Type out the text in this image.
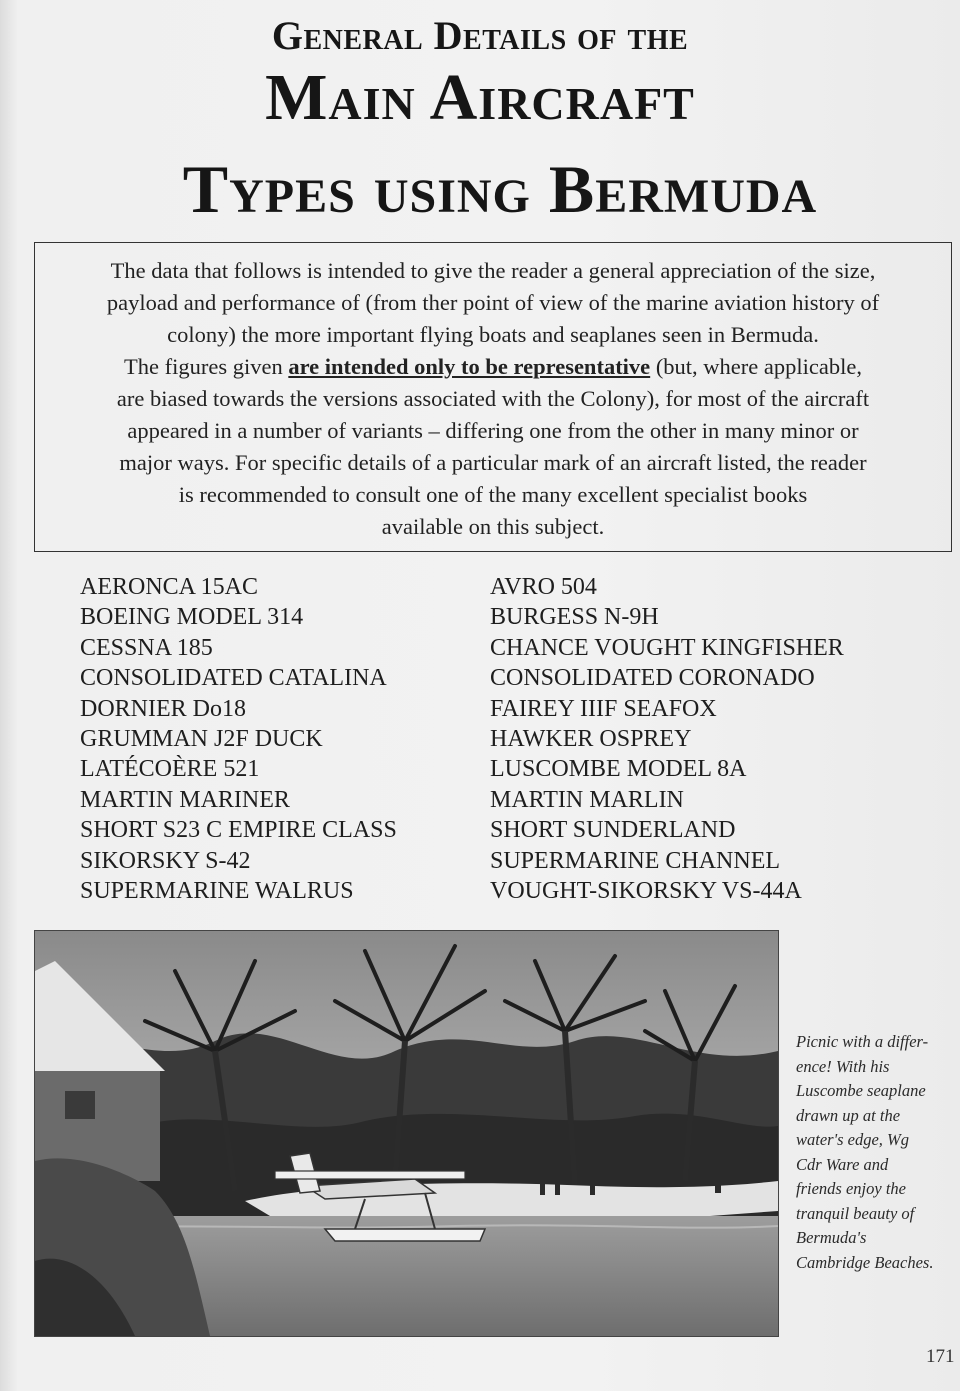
General Details of the
Main Aircraft
Types using Bermuda
The data that follows is intended to give the reader a general appreciation of the size,
payload and performance of (from ther point of view of the marine aviation history of
colony) the more important flying boats and seaplanes seen in Bermuda.
The figures given are intended only to be representative (but, where applicable,
are biased towards the versions associated with the Colony), for most of the aircraft
appeared in a number of variants – differing one from the other in many minor or
major ways. For specific details of a particular mark of an aircraft listed, the reader
is recommended to consult one of the many excellent specialist books
available on this subject.
AERONCA 15AC
BOEING MODEL 314
CESSNA 185
CONSOLIDATED CATALINA
DORNIER Do18
GRUMMAN J2F DUCK
LATÉCOÈRE 521
MARTIN MARINER
SHORT S23 C EMPIRE CLASS
SIKORSKY S-42
SUPERMARINE WALRUS
AVRO 504
BURGESS N-9H
CHANCE VOUGHT KINGFISHER
CONSOLIDATED CORONADO
FAIREY IIIF SEAFOX
HAWKER OSPREY
LUSCOMBE MODEL 8A
MARTIN MARLIN
SHORT SUNDERLAND
SUPERMARINE CHANNEL
VOUGHT-SIKORSKY VS-44A
Picnic with a differ-
ence! With his
Luscombe seaplane
drawn up at the
water's edge, Wg
Cdr Ware and
friends enjoy the
tranquil beauty of
Bermuda's
Cambridge Beaches.
171
